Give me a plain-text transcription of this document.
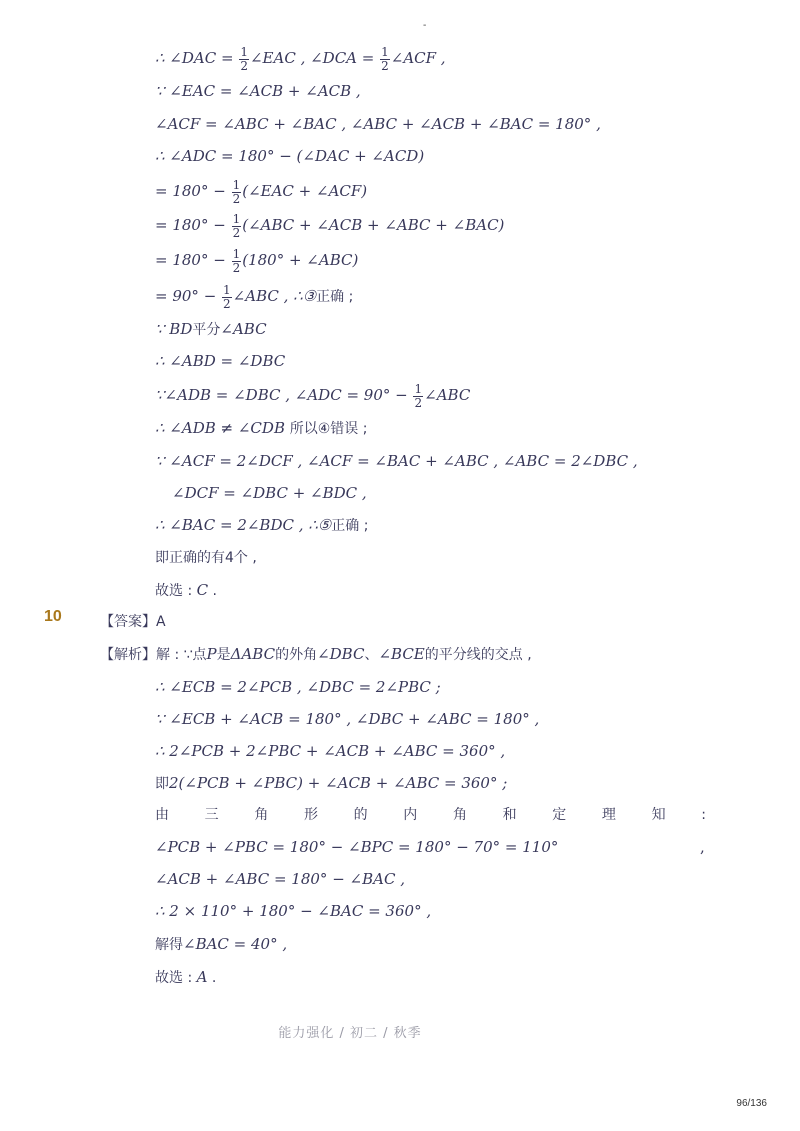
-
∴ ∠DAC = $\frac{1}{2}$ ∠EAC , ∠DCA = $\frac{1}{2}$ ∠ACF ,
∵ ∠EAC = ∠ACB + ∠ACB ,
∠ACF = ∠ABC + ∠BAC , ∠ABC + ∠ACB + ∠BAC = 180° ,
∴ ∠ADC = 180° − (∠DAC + ∠ACD)
= $180^\circ - \frac{1}{2}$ (∠EAC + ∠ACF)
= $180^\circ - \frac{1}{2}$ (∠ABC + ∠ACB + ∠ABC + ∠BAC)
= $180^\circ - \frac{1}{2} (180^\circ$ + ∠ABC)
= $90^\circ - \frac{1}{2}$ ∠ABC , ∴③正确 ;
∵ BD平分∠ABC
∴ ∠ABD = ∠DBC
∵∠ADB = ∠DBC , ∠ADC = $90^\circ - \frac{1}{2}$ ∠ABC
∴ ∠ADB ≠ ∠CDB 所以④错误 ;
∵ ∠ACF = 2∠DCF , ∠ACF = ∠BAC + ∠ABC , ∠ABC = 2∠DBC ,
∠DCF = ∠DBC + ∠BDC ,
∴ ∠BAC = 2∠BDC , ∴⑤正确 ;
即正确的有4个 ,
故选 : C .
10	【答案】A
【解析】解 : ∵点P是ΔABC的外角∠DBC、∠BCE的平分线的交点 ,
∴ ∠ECB = 2∠PCB , ∠DBC = 2∠PBC ;
∵ ∠ECB + ∠ACB = 180° , ∠DBC + ∠ABC = 180° ,
∴ 2∠PCB + 2∠PBC + ∠ACB + ∠ABC = 360° ,
即2(∠PCB + ∠PBC) + ∠ACB + ∠ABC = 360° ;
由	三	角	形	的	内	角	和	定	理	知	:
∠PCB + ∠PBC = 180° − ∠BPC = 180° − 70° = 110°	,
∠ACB + ∠ABC = 180° − ∠BAC ,
∴ 2 × 110° + 180° − ∠BAC = 360° ,
解得∠BAC = 40° ,
故选 : A .
能力强化 / 初二 / 秋季
96/136
